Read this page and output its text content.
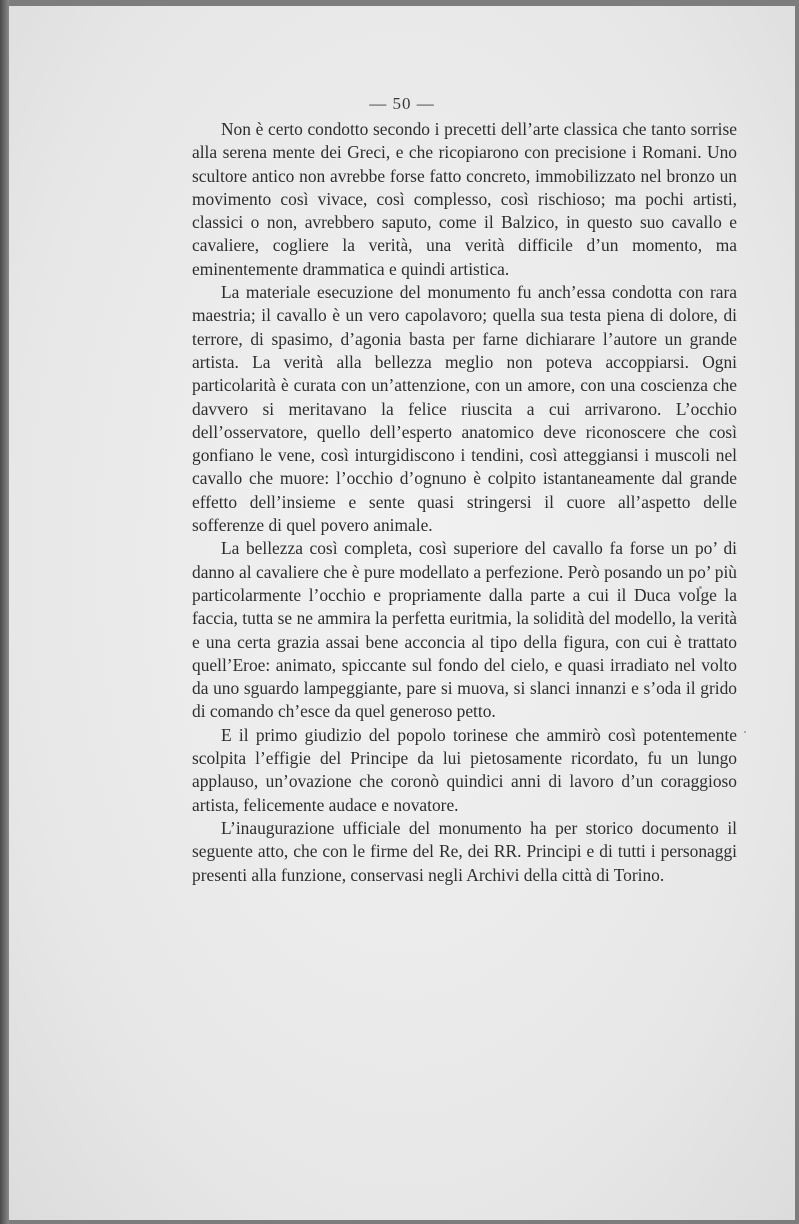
— 50 —

Non è certo condotto secondo i precetti dell’arte classica che tanto sorrise alla serena mente dei Greci, e che ricopiarono con precisione i Romani. Uno scultore antico non avrebbe forse fatto concreto, immobilizzato nel bronzo un movimento così vivace, così complesso, così rischioso; ma pochi artisti, classici o non, avrebbero saputo, come il Balzico, in questo suo cavallo e cavaliere, cogliere la verità, una verità difficile d’un momento, ma eminentemente drammatica e quindi artistica.

La materiale esecuzione del monumento fu anch’essa condotta con rara maestria; il cavallo è un vero capolavoro; quella sua testa piena di dolore, di terrore, di spasimo, d’agonia basta per farne dichiarare l’autore un grande artista. La verità alla bellezza meglio non poteva accoppiarsi. Ogni particolarità è curata con un’attenzione, con un amore, con una coscienza che davvero si meritavano la felice riuscita a cui arrivarono. L’occhio dell’osservatore, quello dell’esperto anatomico deve riconoscere che così gonfiano le vene, così inturgidiscono i tendini, così atteggiansi i muscoli nel cavallo che muore: l’occhio d’ognuno è colpito istantaneamente dal grande effetto dell’insieme e sente quasi stringersi il cuore all’aspetto delle sofferenze di quel povero animale.

La bellezza così completa, così superiore del cavallo fa forse un po’ di danno al cavaliere che è pure modellato a perfezione. Però posando un po’ più particolarmente l’occhio e propriamente dalla parte a cui il Duca volge la faccia, tutta se ne ammira la perfetta euritmia, la solidità del modello, la verità e una certa grazia assai bene acconcia al tipo della figura, con cui è trattato quell’Eroe: animato, spiccante sul fondo del cielo, e quasi irradiato nel volto da uno sguardo lampeggiante, pare si muova, si slanci innanzi e s’oda il grido di comando ch’esce da quel generoso petto.

E il primo giudizio del popolo torinese che ammirò così potentemente scolpita l’effigie del Principe da lui pietosamente ricordato, fu un lungo applauso, un’ovazione che coronò quindici anni di lavoro d’un coraggioso artista, felicemente audace e novatore.

L’inaugurazione ufficiale del monumento ha per storico documento il seguente atto, che con le firme del Re, dei RR. Principi e di tutti i personaggi presenti alla funzione, conservasi negli Archivi della città di Torino.
